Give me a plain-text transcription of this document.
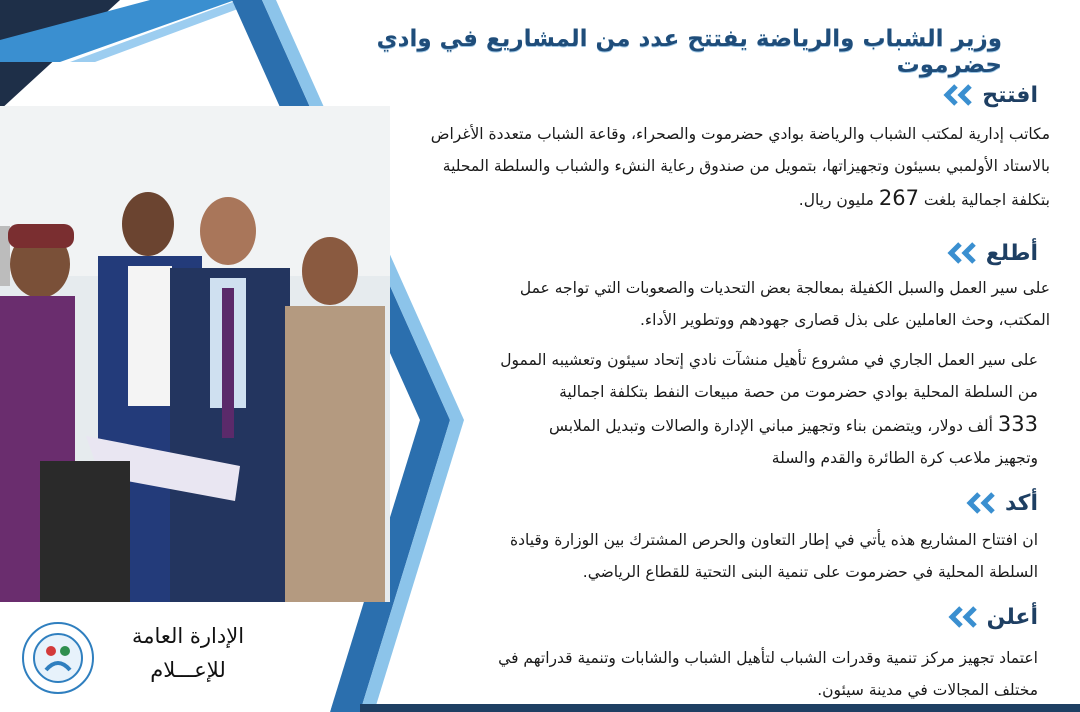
وزير الشباب والرياضة يفتتح عدد من المشاريع في وادي حضرموت
افتتح
مكاتب إدارية لمكتب الشباب والرياضة بوادي حضرموت والصحراء، وقاعة الشباب متعددة الأغراض
بالاستاد الأولمبي بسيئون وتجهيزاتها، بتمويل من صندوق رعاية النشء والشباب والسلطة المحلية
بتكلفة اجمالية بلغت 267 مليون ريال.
أطلع
على سير العمل والسبل الكفيلة بمعالجة بعض التحديات والصعوبات التي تواجه عمل
المكتب، وحث العاملين على بذل قصارى جهودهم ووتطوير الأداء.
على سير العمل الجاري في مشروع تأهيل منشآت نادي إتحاد سيئون وتعشيبه الممول
من السلطة المحلية بوادي حضرموت من حصة مبيعات النفط بتكلفة اجمالية
333 ألف دولار، ويتضمن بناء وتجهيز مباني الإدارة والصالات وتبديل الملابس
وتجهيز ملاعب كرة الطائرة والقدم والسلة
أكد
ان افتتاح المشاريع هذه يأتي في إطار التعاون والحرص المشترك بين الوزارة وقيادة
السلطة المحلية في حضرموت على تنمية البنى التحتية للقطاع الرياضي.
أعلن
اعتماد تجهيز مركز تنمية وقدرات الشباب لتأهيل الشباب والشابات وتنمية قدراتهم في
مختلف المجالات في مدينة سيئون.
الإدارة العامة
للإعـــلام
